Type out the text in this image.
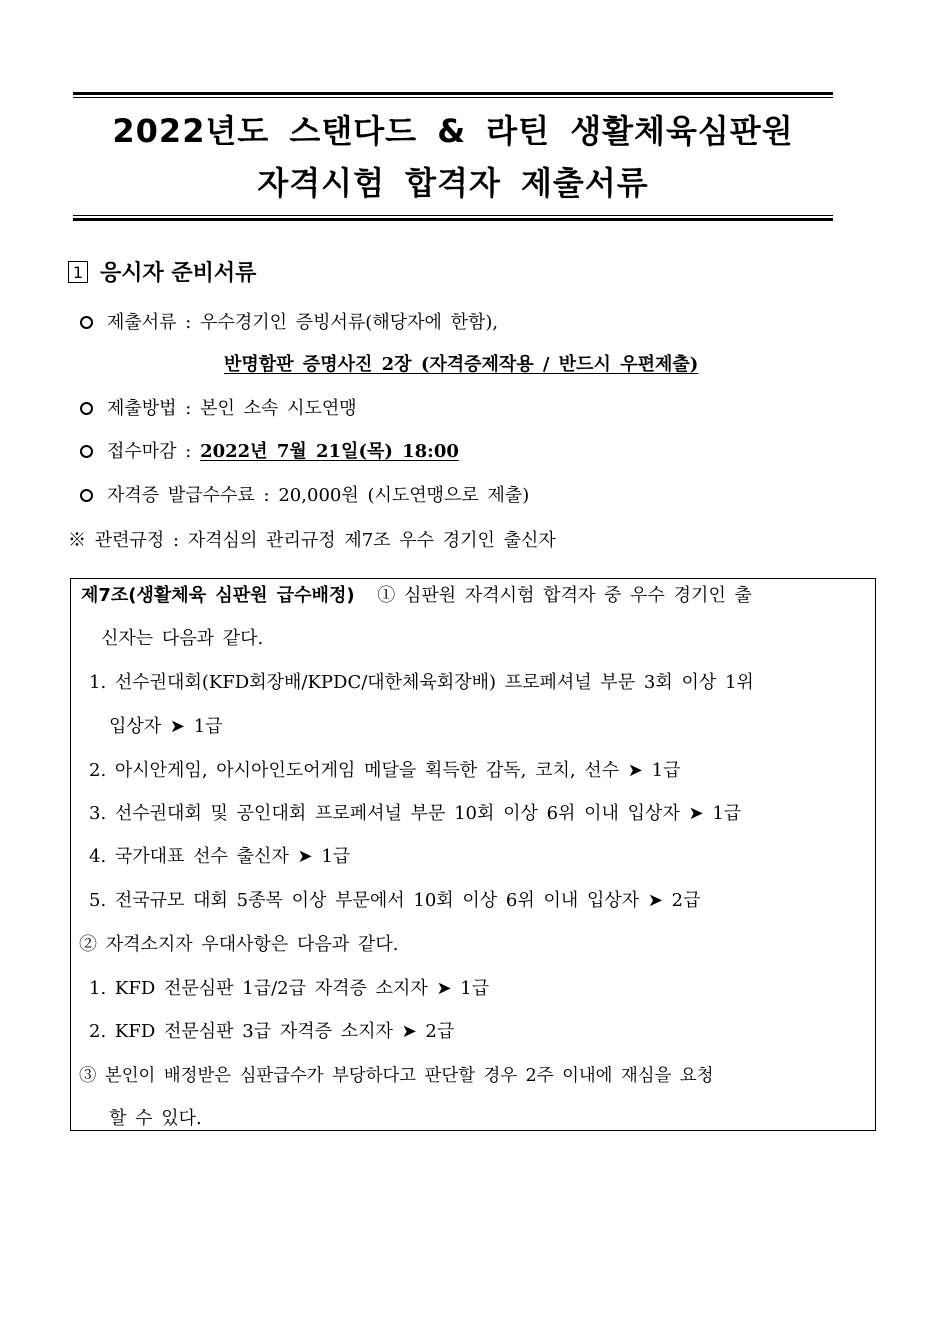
2022년도 스탠다드 & 라틴 생활체육심판원
자격시험 합격자 제출서류
1 응시자 준비서류
제출서류 : 우수경기인 증빙서류(해당자에 한함),
반명함판 증명사진 2장 (자격증제작용 / 반드시 우편제출)
제출방법 : 본인 소속 시도연맹
접수마감 : 2022년 7월 21일(목) 18:00
자격증 발급수수료 : 20,000원 (시도연맹으로 제출)
※ 관련규정 : 자격심의 관리규정 제7조 우수 경기인 출신자
제7조(생활체육 심판원 급수배정) ① 심판원 자격시험 합격자 중 우수 경기인 출
신자는 다음과 같다.
1. 선수권대회(KFD회장배/KPDC/대한체육회장배) 프로페셔널 부문 3회 이상 1위
입상자 ➤ 1급
2. 아시안게임, 아시아인도어게임 메달을 획득한 감독, 코치, 선수 ➤ 1급
3. 선수권대회 및 공인대회 프로페셔널 부문 10회 이상 6위 이내 입상자 ➤ 1급
4. 국가대표 선수 출신자 ➤ 1급
5. 전국규모 대회 5종목 이상 부문에서 10회 이상 6위 이내 입상자 ➤ 2급
② 자격소지자 우대사항은 다음과 같다.
1. KFD 전문심판 1급/2급 자격증 소지자 ➤ 1급
2. KFD 전문심판 3급 자격증 소지자 ➤ 2급
③ 본인이 배정받은 심판급수가 부당하다고 판단할 경우 2주 이내에 재심을 요청
할 수 있다.
